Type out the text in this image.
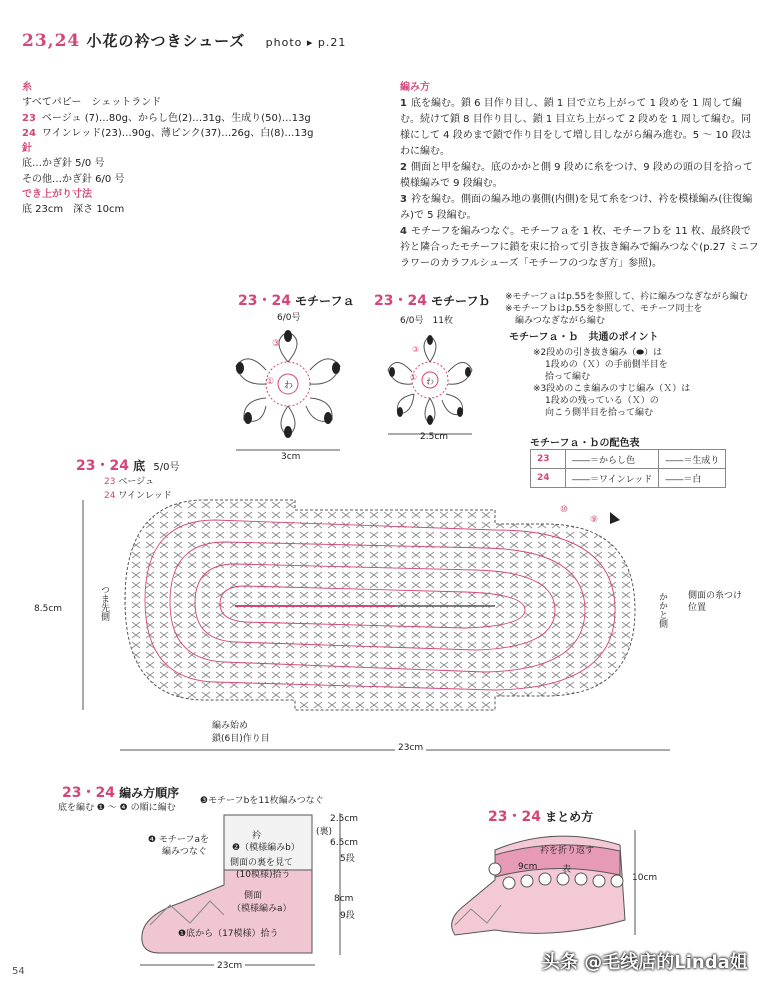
23,24 小花の衿つきシューズ photo ▸ p.21
糸
すべてパピー　シェットランド
23 ベージュ (7)…80g、からし色(2)…31g、生成り(50)…13g
24 ワインレッド(23)…90g、薄ピンク(37)…26g、白(8)…13g
針
底…かぎ針 5/0 号
その他…かぎ針 6/0 号
でき上がり寸法
底 23cm　深さ 10cm
編み方
1 底を編む。鎖 6 目作り目し、鎖 1 目で立ち上がって 1 段めを 1 周して編む。続けて鎖 8 目作り目し、鎖 1 目立ち上がって 2 段めを 1 周して編む。同様にして 4 段めまで鎖で作り目をして増し目しながら編み進む。5 ～ 10 段はわに編む。
2 側面と甲を編む。底のかかと側 9 段めに糸をつけ、9 段めの頭の目を拾って模様編みで 9 段編む。
3 衿を編む。側面の編み地の裏側(内側)を見て糸をつけ、衿を模様編み(往復編み)で 5 段編む。
4 モチーフを編みつなぐ。モチーフａを 1 枚、モチーフｂを 11 枚、最終段で衿と隣合ったモチーフに鎖を束に拾って引き抜き編みで編みつなぐ(p.27 ミニフラワーのカラフルシューズ「モチーフのつなぎ方」参照)。
23・24 モチーフａ
6/0号
わ
①
③
3cm
23・24 モチーフｂ
6/0号　 11枚
わ
①
③
2.5cm
※モチーフａはp.55を参照して、衿に編みつなぎながら編む
※モチーフｂはp.55を参照して、モチーフ同士を
編みつなぎながら編む
モチーフａ・ｂ　共通のポイント
※2段めの引き抜き編み（⬬）は
1段めの（Ｘ）の手前側半目を
拾って編む
※3段めのこま編みのすじ編み（Ｘ）は
1段めの残っている（Ｘ）の
向こう側半目を拾って編む
モチーフａ・ｂの配色表
23	――＝からし色	――＝生成り
24	――＝ワインレッド	――＝白
23・24 底 5/0号
23 ベージュ
24 ワインレッド
⑩
⑨
8.5cm	つま先側	かかと側 側面の糸つけ位置
編み始め
鎖(6目)作り目
23cm
23・24 編み方順序
底を編む ❶ ～ ❹ の順に編む
❸モチーフbを11枚編みつなぐ
❹ モチーフaを
編みつなぐ
衿
❷（模様編みb）
側面の裏を見て
(10模様)拾う
側面
（模様編みa）
❶底から（17模様）拾う
(裏)
2.5cm
6.5cm
5段
8cm
9段
23cm
23・24 まとめ方
衿を折り返す
表
9cm
10cm
54	头条 @毛线店的Linda姐
